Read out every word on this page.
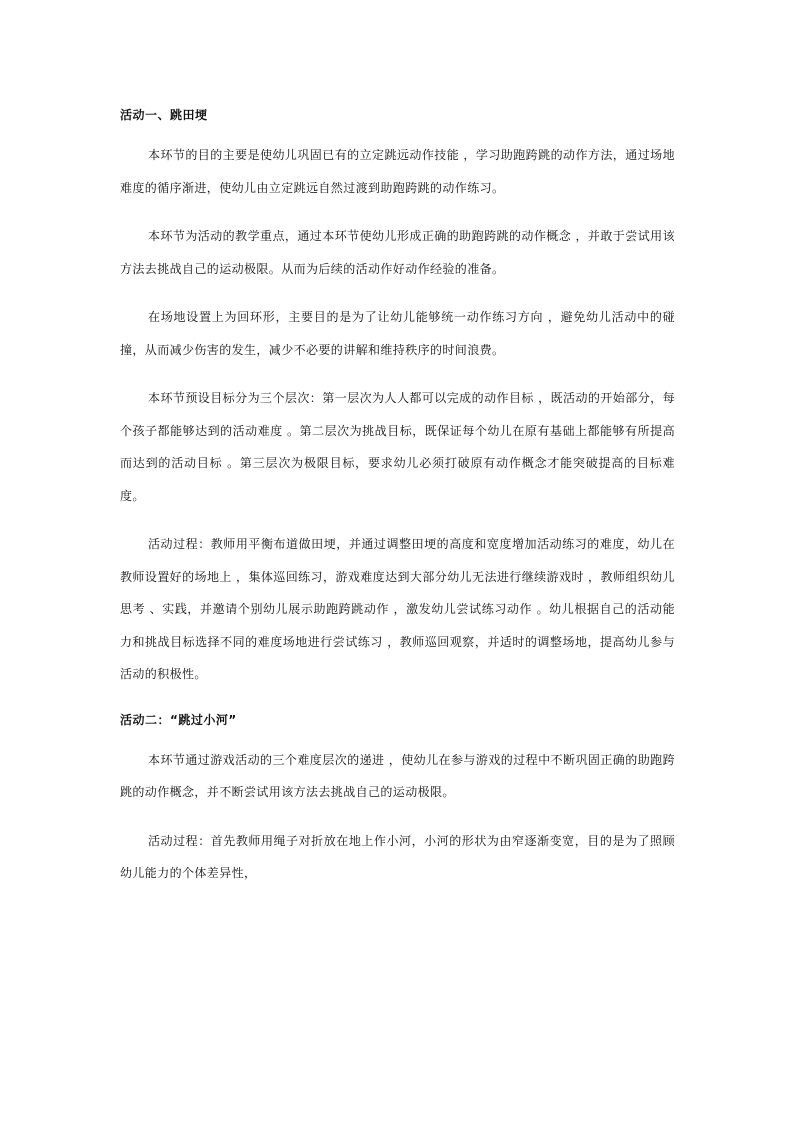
活动一、跳田埂

本环节的目的主要是使幼儿巩固已有的立定跳远动作技能 ，学习助跑跨跳的动作方法，通过场地难度的循序渐进，使幼儿由立定跳远自然过渡到助跑跨跳的动作练习。

本环节为活动的教学重点，通过本环节使幼儿形成正确的助跑跨跳的动作概念 ，并敢于尝试用该方法去挑战自己的运动极限。从而为后续的活动作好动作经验的准备。

在场地设置上为回环形，主要目的是为了让幼儿能够统一动作练习方向 ，避免幼儿活动中的碰撞，从而减少伤害的发生，减少不必要的讲解和维持秩序的时间浪费。

本环节预设目标分为三个层次：第一层次为人人都可以完成的动作目标 ，既活动的开始部分，每个孩子都能够达到的活动难度 。第二层次为挑战目标，既保证每个幼儿在原有基础上都能够有所提高而达到的活动目标 。第三层次为极限目标，要求幼儿必须打破原有动作概念才能突破提高的目标难度。

活动过程：教师用平衡布道做田埂，并通过调整田埂的高度和宽度增加活动练习的难度，幼儿在教师设置好的场地上 ，集体巡回练习，游戏难度达到大部分幼儿无法进行继续游戏时 ，教师组织幼儿思考 、实践，并邀请个别幼儿展示助跑跨跳动作 ，激发幼儿尝试练习动作 。幼儿根据自己的活动能力和挑战目标选择不同的难度场地进行尝试练习 ，教师巡回观察，并适时的调整场地，提高幼儿参与活动的积极性。

活动二：“跳过小河”

本环节通过游戏活动的三个难度层次的递进 ，使幼儿在参与游戏的过程中不断巩固正确的助跑跨跳的动作概念，并不断尝试用该方法去挑战自己的运动极限。

活动过程：首先教师用绳子对折放在地上作小河，小河的形状为由窄逐渐变宽，目的是为了照顾幼儿能力的个体差异性，
